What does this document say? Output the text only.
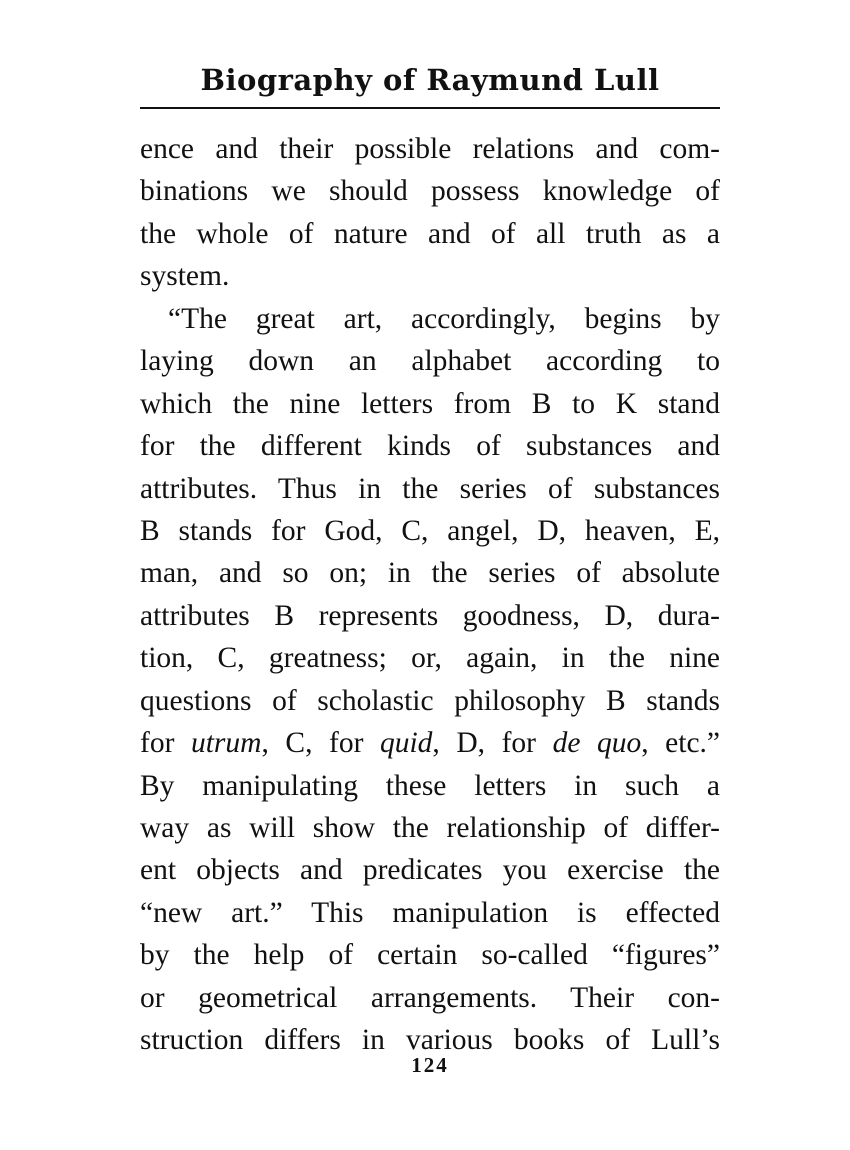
Biography of Raymund Lull
ence and their possible relations and com-
binations we should possess knowledge of
the whole of nature and of all truth as a
system.
“The great art, accordingly, begins by
laying down an alphabet according to
which the nine letters from B to K stand
for the different kinds of substances and
attributes. Thus in the series of substances
B stands for God, C, angel, D, heaven, E,
man, and so on; in the series of absolute
attributes B represents goodness, D, dura-
tion, C, greatness; or, again, in the nine
questions of scholastic philosophy B stands
for utrum, C, for quid, D, for de quo, etc.”
By manipulating these letters in such a
way as will show the relationship of differ-
ent objects and predicates you exercise the
“new art.” This manipulation is effected
by the help of certain so-called “figures”
or geometrical arrangements. Their con-
struction differs in various books of Lull’s
124
